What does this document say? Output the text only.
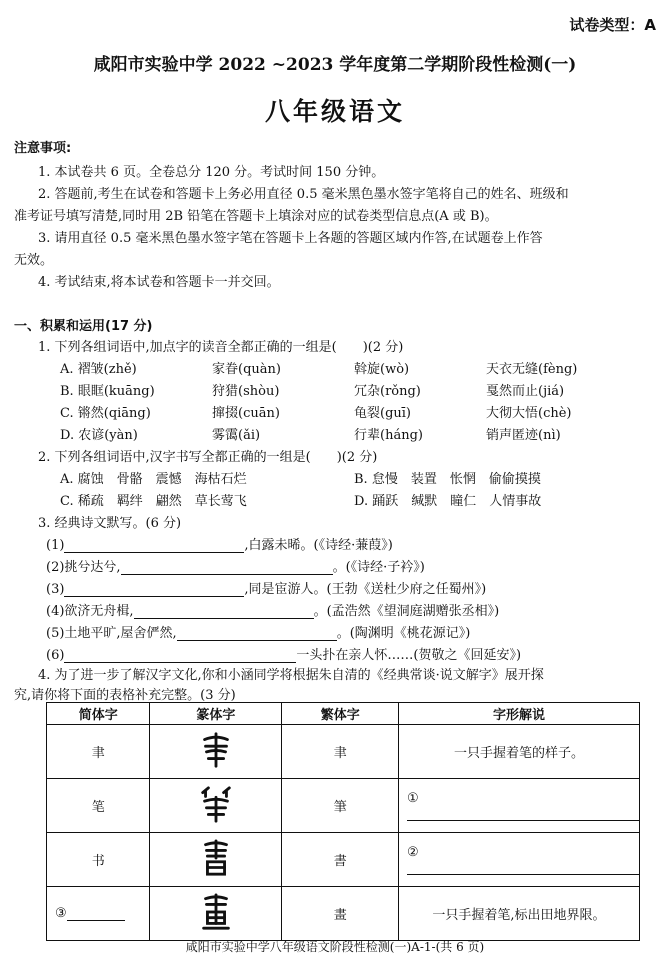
试卷类型：A
咸阳市实验中学 2022 ~2023 学年度第二学期阶段性检测(一)
八年级语文
注意事项:
1. 本试卷共 6 页。全卷总分 120 分。考试时间 150 分钟。
2. 答题前,考生在试卷和答题卡上务必用直径 0.5 毫米黑色墨水签字笔将自己的姓名、班级和
准考证号填写清楚,同时用 2B 铅笔在答题卡上填涂对应的试卷类型信息点(A 或 B)。
3. 请用直径 0.5 毫米黑色墨水签字笔在答题卡上各题的答题区域内作答,在试题卷上作答
无效。
4. 考试结束,将本试卷和答题卡一并交回。
一、积累和运用(17 分)
1. 下列各组词语中,加点字的读音全都正确的一组是(　　)(2 分)
A. 褶皱(zhě)	家眷(quàn)	斡旋(wò)	天衣无缝(fèng)
B. 眼眶(kuāng)	狩猎(shòu)	冗杂(rǒng)	戛然而止(jiá)
C. 锵然(qiāng)	撺掇(cuān)	龟裂(guī)	大彻大悟(chè)
D. 农谚(yàn)	雾霭(ǎi)	行辈(háng)	销声匿迹(nì)
2. 下列各组词语中,汉字书写全都正确的一组是(　　)(2 分)
A. 腐蚀　骨骼　震憾　海枯石烂	B. 怠慢　装置　怅惘　偷偷摸摸
C. 稀疏　羁绊　翩然　草长莺飞	D. 踊跃　缄默　瞳仁　人情事故
3. 经典诗文默写。(6 分)
(1)	,白露未晞。(《诗经·蒹葭》)
(2)挑兮达兮,	。(《诗经·子衿》)
(3)	,同是宦游人。(王勃《送杜少府之任蜀州》)
(4)欲济无舟楫,	。(孟浩然《望洞庭湖赠张丞相》)
(5)土地平旷,屋舍俨然,	。(陶渊明《桃花源记》)
(6)	一头扑在亲人怀……(贺敬之《回延安》)
4. 为了进一步了解汉字文化,你和小涵同学将根据朱自清的《经典常谈·说文解字》展开探
究,请你将下面的表格补充完整。(3 分)
简体字	篆体字	繁体字	字形解说
聿		聿	一只手握着笔的样子。
笔		筆	①
书		書	②
③		畫	一只手握着笔,标出田地界限。
咸阳市实验中学八年级语文阶段性检测(一)A-1-(共 6 页)
